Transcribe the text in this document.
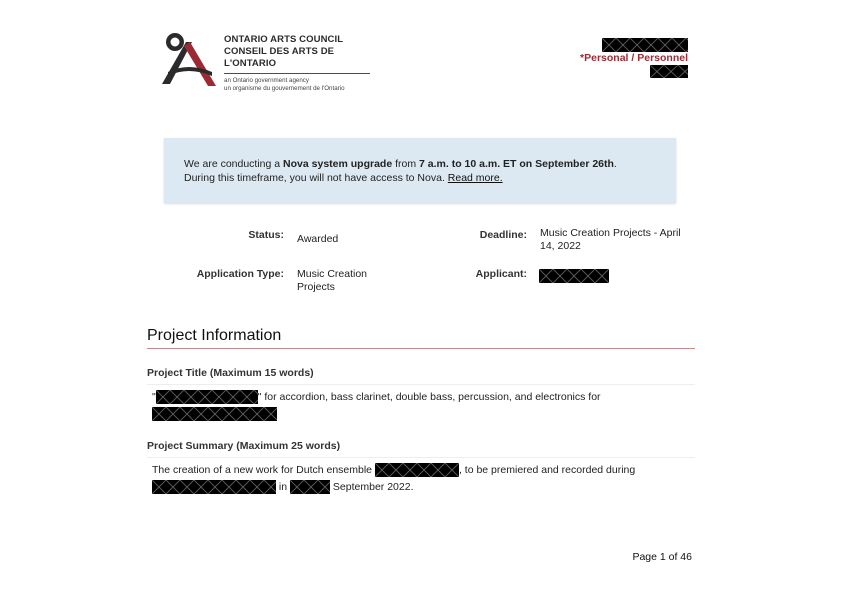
ONTARIO ARTS COUNCIL
CONSEIL DES ARTS DE L'ONTARIO
an Ontario government agency
un organisme du gouvernement de l'Ontario
*Personal / Personnel
We are conducting a Nova system upgrade from 7 a.m. to 10 a.m. ET on September 26th.
During this timeframe, you will not have access to Nova. Read more.
Status: Awarded	Deadline: Music Creation Projects - April 14, 2022
Application Type: Music Creation Projects
Applicant:
Project Information
Project Title (Maximum 15 words)
"	" for accordion, bass clarinet, double bass, percussion, and electronics for

Project Summary (Maximum 25 words)
The creation of a new work for Dutch ensemble	, to be premiered and recorded during
in	September 2022.
Page 1 of 46
